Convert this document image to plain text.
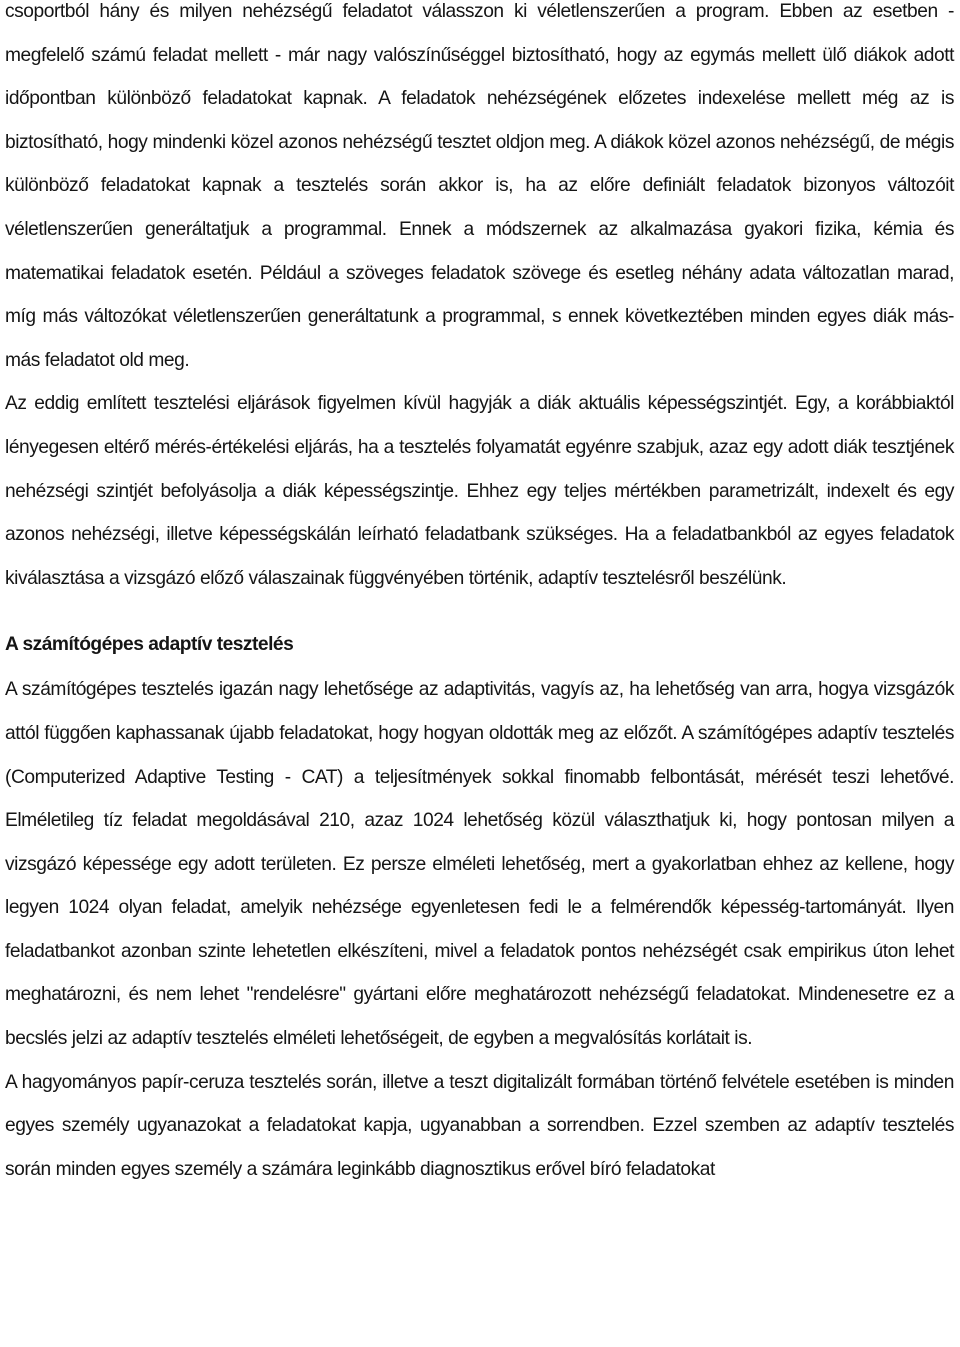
csoportból hány és milyen nehézségű feladatot válasszon ki véletlenszerűen a program. Ebben az esetben - megfelelő számú feladat mellett - már nagy valószínűséggel biztosítható, hogy az egymás mellett ülő diákok adott időpontban különböző feladatokat kapnak. A feladatok nehézségének előzetes indexelése mellett még az is biztosítható, hogy mindenki közel azonos nehézségű tesztet oldjon meg. A diákok közel azonos nehézségű, de mégis különböző feladatokat kapnak a tesztelés során akkor is, ha az előre definiált feladatok bizonyos változóit véletlenszerűen generáltatjuk a programmal. Ennek a módszernek az alkalmazása gyakori fizika, kémia és matematikai feladatok esetén. Például a szöveges feladatok szövege és esetleg néhány adata változatlan marad, míg más változókat véletlenszerűen generáltatunk a programmal, s ennek következtében minden egyes diák más-más feladatot old meg.

Az eddig említett tesztelési eljárások figyelmen kívül hagyják a diák aktuális képességszintjét. Egy, a korábbiaktól lényegesen eltérő mérés-értékelési eljárás, ha a tesztelés folyamatát egyénre szabjuk, azaz egy adott diák tesztjének nehézségi szintjét befolyásolja a diák képességszintje. Ehhez egy teljes mértékben parametrizált, indexelt és egy azonos nehézségi, illetve képességskálán leírható feladatbank szükséges. Ha a feladatbankból az egyes feladatok kiválasztása a vizsgázó előző válaszainak függvényében történik, adaptív tesztelésről beszélünk.

A számítógépes adaptív tesztelés

A számítógépes tesztelés igazán nagy lehetősége az adaptivitás, vagyís az, ha lehetőség van arra, hogya vizsgázók attól függően kaphassanak újabb feladatokat, hogy hogyan oldották meg az előzőt. A számítógépes adaptív tesztelés (Computerized Adaptive Testing - CAT) a teljesítmények sokkal finomabb felbontását, mérését teszi lehetővé. Elméletileg tíz feladat megoldásával 210, azaz 1024 lehetőség közül választhatjuk ki, hogy pontosan milyen a vizsgázó képessége egy adott területen. Ez persze elméleti lehetőség, mert a gyakorlatban ehhez az kellene, hogy legyen 1024 olyan feladat, amelyik nehézsége egyenletesen fedi le a felmérendők képesség-tartományát. Ilyen feladatbankot azonban szinte lehetetlen elkészíteni, mivel a feladatok pontos nehézségét csak empirikus úton lehet meghatározni, és nem lehet "rendelésre" gyártani előre meghatározott nehézségű feladatokat. Mindenesetre ez a becslés jelzi az adaptív tesztelés elméleti lehetőségeit, de egyben a megvalósítás korlátait is.

A hagyományos papír-ceruza tesztelés során, illetve a teszt digitalizált formában történő felvétele esetében is minden egyes személy ugyanazokat a feladatokat kapja, ugyanabban a sorrendben. Ezzel szemben az adaptív tesztelés során minden egyes személy a számára leginkább diagnosztikus erővel bíró feladatokat
